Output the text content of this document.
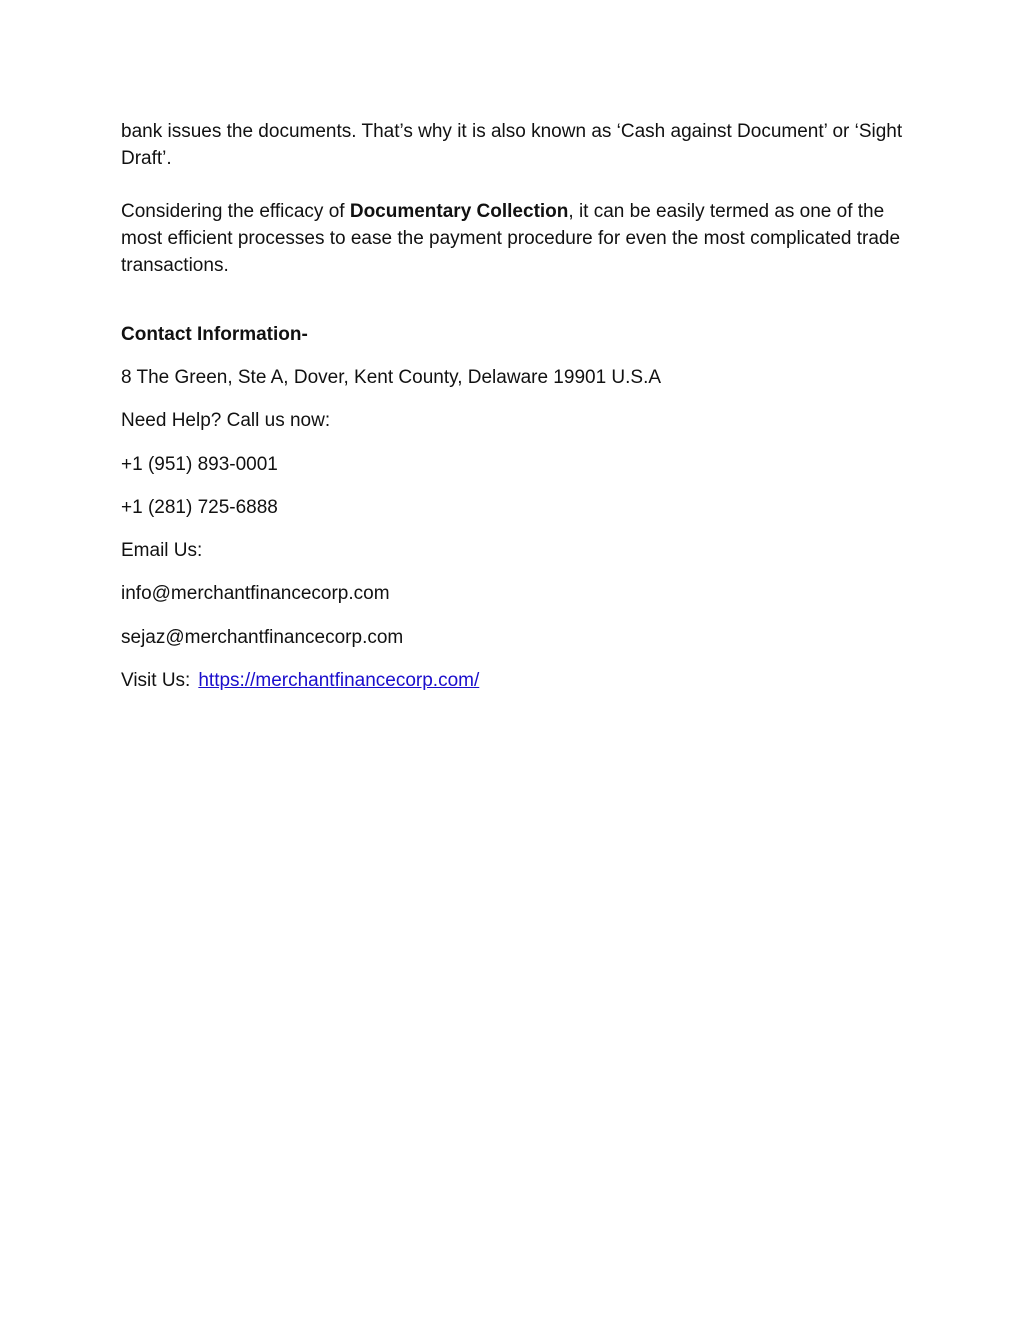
bank issues the documents. That’s why it is also known as ‘Cash against Document’ or ‘Sight Draft’.

Considering the efficacy of Documentary Collection, it can be easily termed as one of the most efficient processes to ease the payment procedure for even the most complicated trade transactions.

Contact Information-

8 The Green, Ste A, Dover, Kent County, Delaware 19901 U.S.A

Need Help? Call us now:

+1 (951) 893-0001

+1 (281) 725-6888

Email Us:

info@merchantfinancecorp.com

sejaz@merchantfinancecorp.com

Visit Us: https://merchantfinancecorp.com/
